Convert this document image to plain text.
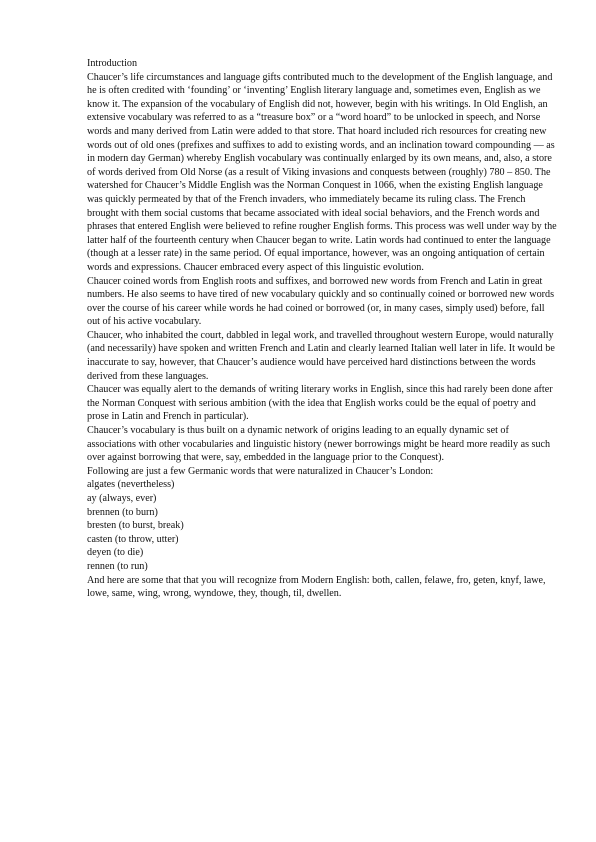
Introduction

Chaucer’s life circumstances and language gifts contributed much to the development of the English language, and he is often credited with ‘founding’ or ‘inventing’ English literary language and, sometimes even, English as we know it. The expansion of the vocabulary of English did not, however, begin with his writings. In Old English, an extensive vocabulary was referred to as a “treasure box” or a “word hoard” to be unlocked in speech, and Norse words and many derived from Latin were added to that store. That hoard included rich resources for creating new words out of old ones (prefixes and suffixes to add to existing words, and an inclination toward compounding — as in modern day German) whereby English vocabulary was continually enlarged by its own means, and, also, a store of words derived from Old Norse (as a result of Viking invasions and conquests between (roughly) 780 – 850. The watershed for Chaucer’s Middle English was the Norman Conquest in 1066, when the existing English language was quickly permeated by that of the French invaders, who immediately became its ruling class. The French brought with them social customs that became associated with ideal social behaviors, and the French words and phrases that entered English were believed to refine rougher English forms. This process was well under way by the latter half of the fourteenth century when Chaucer began to write. Latin words had continued to enter the language (though at a lesser rate) in the same period. Of equal importance, however, was an ongoing antiquation of certain words and expressions. Chaucer embraced every aspect of this linguistic evolution.

Chaucer coined words from English roots and suffixes, and borrowed new words from French and Latin in great numbers. He also seems to have tired of new vocabulary quickly and so continually coined or borrowed new words over the course of his career while words he had coined or borrowed (or, in many cases, simply used) before, fall out of his active vocabulary.

Chaucer, who inhabited the court, dabbled in legal work, and travelled throughout western Europe, would naturally (and necessarily) have spoken and written French and Latin and clearly learned Italian well later in life. It would be inaccurate to say, however, that Chaucer’s audience would have perceived hard distinctions between the words derived from these languages.

Chaucer was equally alert to the demands of writing literary works in English, since this had rarely been done after the Norman Conquest with serious ambition (with the idea that English works could be the equal of poetry and prose in Latin and French in particular).

Chaucer’s vocabulary is thus built on a dynamic network of origins leading to an equally dynamic set of associations with other vocabularies and linguistic history (newer borrowings might be heard more readily as such over against borrowing that were, say, embedded in the language prior to the Conquest).

Following are just a few Germanic words that were naturalized in Chaucer’s London:

algates (nevertheless)

ay (always, ever)

brennen (to burn)

bresten (to burst, break)

casten (to throw, utter)

deyen (to die)

rennen (to run)

And here are some that that you will recognize from Modern English: both, callen, felawe, fro, geten, knyf, lawe, lowe, same, wing, wrong, wyndowe, they, though, til, dwellen.
